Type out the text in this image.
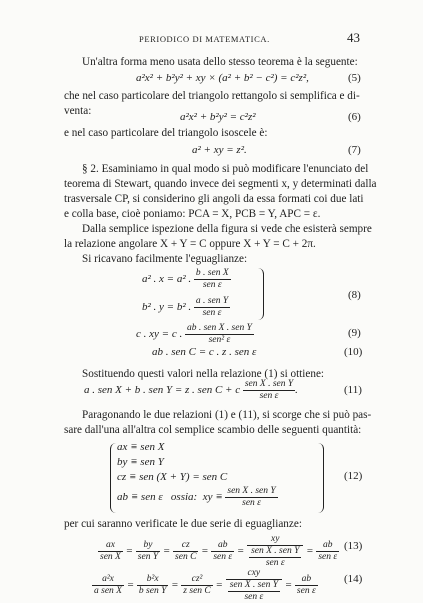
PERIODICO DI MATEMATICA.	43
Un'altra forma meno usata dello stesso teorema è la seguente:
a²x² + b²y² + xy × (a² + b² − c²) = c²z²,	(5)
che nel caso particolare del triangolo rettangolo si semplifica e di-
venta:	a²x² + b²y² = c²z²	(6)
e nel caso particolare del triangolo isoscele è:
a² + xy = z².	(7)
§ 2. Esaminiamo in qual modo si può modificare l'enunciato del
teorema di Stewart, quando invece dei segmenti x, y determinati dalla
trasversale CP, si considerino gli angoli da essa formati coi due lati
e colla base, cioè poniamo: PCA = X, PCB = Y, APC = ε.
Dalla semplice ispezione della figura si vede che esisterà sempre
la relazione angolare X + Y = C oppure X + Y = C + 2π.
Si ricavano facilmente l'eguaglianze:
a² . x = a² . $\frac{\text{b . sen X}}{\text{sen ε}}$
b² . y = b² . $\frac{\text{a . sen Y}}{\text{sen ε}}$
(8)
c . xy = c . $\frac{\text{ab . sen X . sen Y}}{\text{sen² ε}}$	(9)
ab . sen C = c . z . sen ε	(10)
Sostituendo questi valori nella relazione (1) si ottiene:
a . sen X + b . sen Y = z . sen C + c $\frac{\text{sen X . sen Y}}{\text{sen ε}}$ .	(11)
Paragonando le due relazioni (1) e (11), si scorge che si può pas-
sare dall'una all'altra col semplice scambio delle seguenti quantità:
ax ≡ sen X
by ≡ sen Y
cz ≡ sen (X + Y) = sen C
ab ≡ sen ε   ossia:  xy ≡ $\frac{\text{sen X . sen Y}}{\text{sen ε}}$
(12)
per cui saranno verificate le due serie di eguaglianze:
$\frac{ax}{\text{sen X}} = \frac{by}{\text{sen Y}} = \frac{cz}{\text{sen C}} = \frac{ab}{\text{sen ε}} = \frac{xy}{\frac{\text{sen X . sen Y}}{\text{sen ε}}} = \frac{ab}{\text{sen ε}} (13)$
$\frac{\text{a²x}}{\text{a sen X}} = \frac{\text{b²x}}{\text{b sen Y}} = \frac{\text{cz²}}{\text{z sen C}} = \frac{\text{cxy}}{\frac{\text{sen X . sen Y}}{\text{sen ε}}} = \frac{ab}{\text{sen ε}} (14)$
